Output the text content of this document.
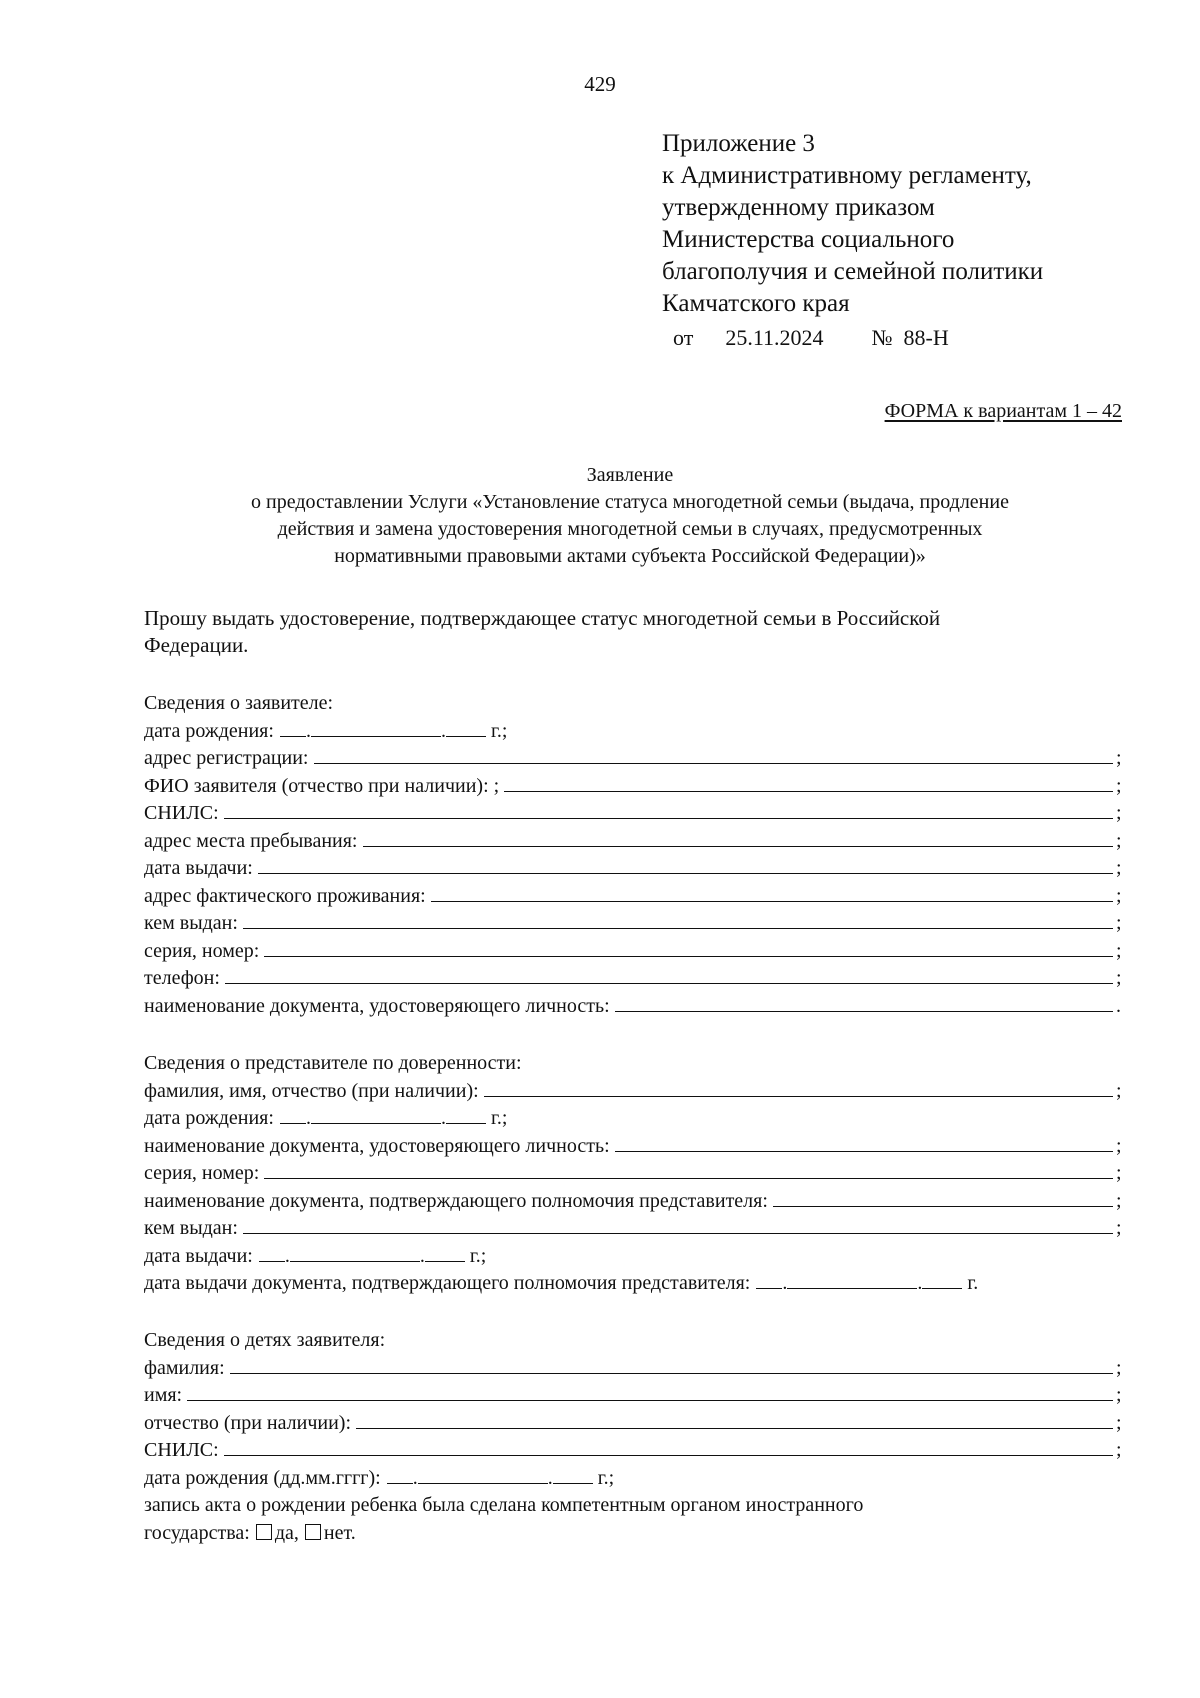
429
Приложение 3
к Административному регламенту,
утвержденному приказом
Министерства социального
благополучия и семейной политики
Камчатского края
от 25.11.2024 № 88-Н
ФОРМА к вариантам 1 – 42
Заявление
о предоставлении Услуги «Установление статуса многодетной семьи (выдача, продление
действия и замена удостоверения многодетной семьи в случаях, предусмотренных
нормативными правовыми актами субъекта Российской Федерации)»
Прошу выдать удостоверение, подтверждающее статус многодетной семьи в Российской
Федерации.
Сведения о заявителе:
дата рождения:	.	. г.;
адрес регистрации:	;
ФИО заявителя (отчество при наличии): ;	;
СНИЛС:	;
адрес места пребывания:	;
дата выдачи:	;
адрес фактического проживания:	;
кем выдан:	;
серия, номер:	;
телефон:	;
наименование документа, удостоверяющего личность:	.
Сведения о представителе по доверенности:
фамилия, имя, отчество (при наличии):	;
дата рождения:	.	. г.;
наименование документа, удостоверяющего личность:	;
серия, номер:	;
наименование документа, подтверждающего полномочия представителя:	;
кем выдан:	;
дата выдачи:	.	. г.;
дата выдачи документа, подтверждающего полномочия представителя:	.	. г.
Сведения о детях заявителя:
фамилия:	;
имя:	;
отчество (при наличии):	;
СНИЛС:	;
дата рождения (дд.мм.гггг):	.	. г.;
запись акта о рождении ребенка была сделана компетентным органом иностранного
государства: да, нет.
